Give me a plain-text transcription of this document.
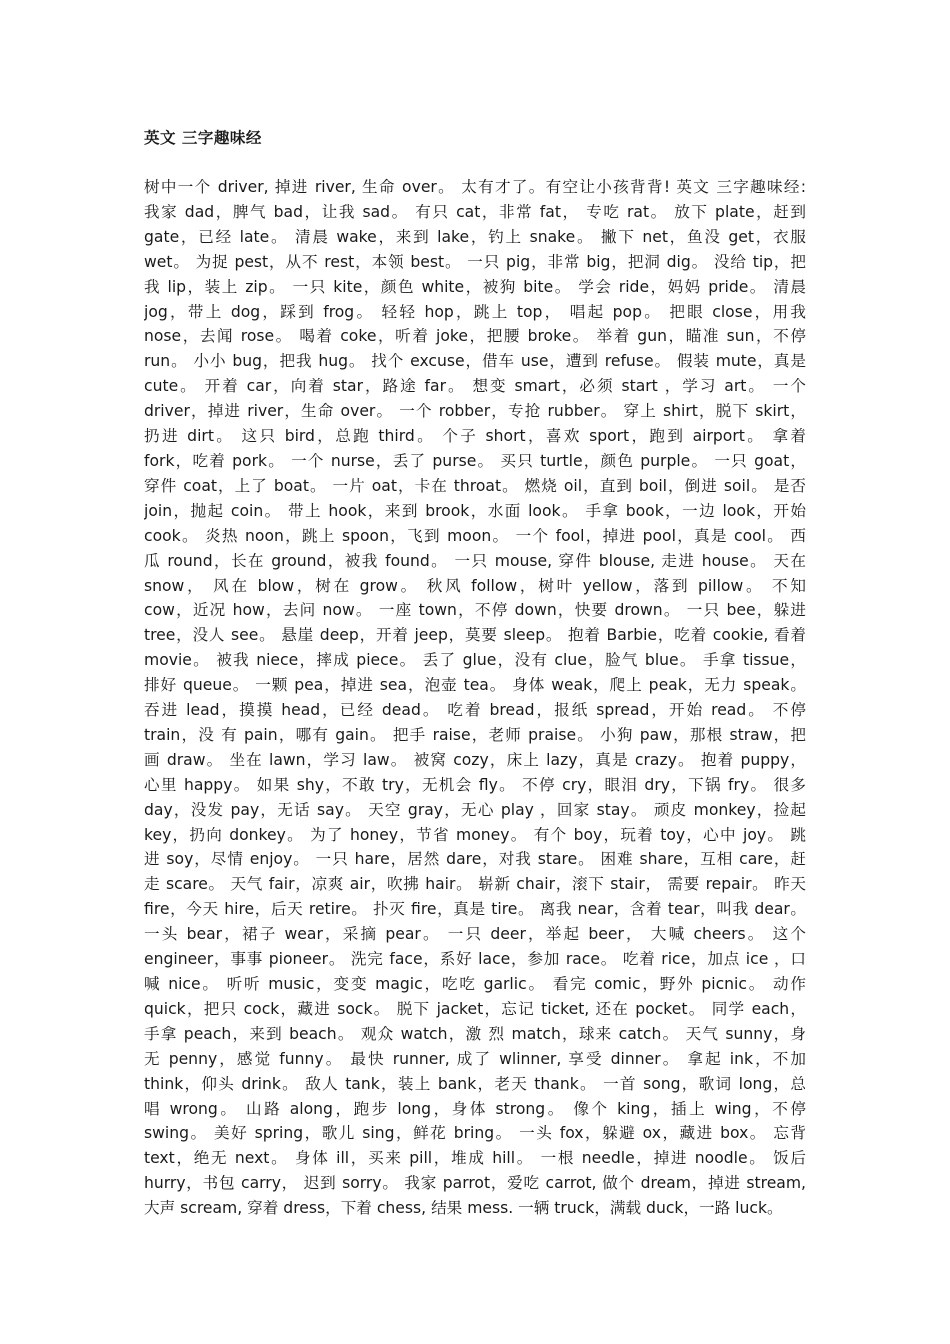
英文 三字趣味经
树中一个 driver, 掉进 river, 生命 over。 太有才了。有空让小孩背背! 英文 三字趣味经:
我家 dad，脾气 bad，让我 sad。 有只 cat，非常 fat， 专吃 rat。 放下 plate，赶到
gate，已经 late。 清晨 wake，来到 lake，钓上 snake。 撇下 net，鱼没 get，衣服
wet。 为捉 pest，从不 rest，本领 best。 一只 pig，非常 big，把洞 dig。 没给 tip，把
我 lip，装上 zip。 一只 kite，颜色 white，被狗 bite。 学会 ride，妈妈 pride。 清晨
jog，带上 dog，踩到 frog。 轻轻 hop，跳上 top， 唱起 pop。 把眼 close，用我
nose，去闻 rose。 喝着 coke，听着 joke，把腰 broke。 举着 gun，瞄准 sun，不停
run。 小小 bug，把我 hug。 找个 excuse，借车 use，遭到 refuse。 假装 mute，真是
cute。 开着 car，向着 star，路途 far。 想变 smart，必须 start ，学习 art。 一个
driver，掉进 river，生命 over。 一个 robber，专抢 rubber。 穿上 shirt，脱下 skirt，
扔进 dirt。 这只 bird，总跑 third。 个子 short，喜欢 sport，跑到 airport。 拿着
fork，吃着 pork。 一个 nurse，丢了 purse。 买只 turtle，颜色 purple。 一只 goat，
穿件 coat，上了 boat。 一片 oat，卡在 throat。 燃烧 oil，直到 boil，倒进 soil。 是否
join，抛起 coin。 带上 hook，来到 brook，水面 look。 手拿 book，一边 look，开始
cook。 炎热 noon，跳上 spoon，飞到 moon。 一个 fool，掉进 pool，真是 cool。 西
瓜 round，长在 ground，被我 found。 一只 mouse, 穿件 blouse, 走进 house。 天在
snow， 风在 blow，树在 grow。 秋风 follow，树叶 yellow，落到 pillow。 不知
cow，近况 how，去问 now。 一座 town，不停 down，快要 drown。 一只 bee，躲进
tree，没人 see。 悬崖 deep，开着 jeep，莫要 sleep。 抱着 Barbie，吃着 cookie, 看着
movie。 被我 niece，摔成 piece。 丢了 glue，没有 clue，脸气 blue。 手拿 tissue，
排好 queue。 一颗 pea，掉进 sea，泡壶 tea。 身体 weak，爬上 peak，无力 speak。
吞进 lead，摸摸 head，已经 dead。 吃着 bread，报纸 spread，开始 read。 不停
train，没 有 pain，哪有 gain。 把手 raise，老师 praise。 小狗 paw，那根 straw，把
画 draw。 坐在 lawn，学习 law。 被窝 cozy，床上 lazy，真是 crazy。 抱着 puppy，
心里 happy。 如果 shy，不敢 try，无机会 fly。 不停 cry，眼泪 dry，下锅 fry。 很多
day，没发 pay，无话 say。 天空 gray，无心 play ，回家 stay。 顽皮 monkey，捡起
key，扔向 donkey。 为了 honey，节省 money。 有个 boy，玩着 toy，心中 joy。 跳
进 soy，尽情 enjoy。 一只 hare，居然 dare，对我 stare。 困难 share，互相 care，赶
走 scare。 天气 fair，凉爽 air，吹拂 hair。 崭新 chair，滚下 stair， 需要 repair。 昨天
fire，今天 hire，后天 retire。 扑灭 fire，真是 tire。 离我 near，含着 tear，叫我 dear。
一头 bear，裙子 wear，采摘 pear。 一只 deer，举起 beer， 大喊 cheers。 这个
engineer，事事 pioneer。 洗完 face，系好 lace，参加 race。 吃着 rice，加点 ice ，口
喊 nice。 听听 music，变变 magic，吃吃 garlic。 看完 comic，野外 picnic。 动作
quick，把只 cock，藏进 sock。 脱下 jacket，忘记 ticket, 还在 pocket。 同学 each，
手拿 peach，来到 beach。 观众 watch，激 烈 match，球来 catch。 天气 sunny，身
无 penny，感觉 funny。 最快 runner, 成了 wlinner, 享受 dinner。 拿起 ink，不加
think，仰头 drink。 敌人 tank，装上 bank，老天 thank。 一首 song，歌词 long，总
唱 wrong。 山路 along，跑步 long，身体 strong。 像个 king，插上 wing，不停
swing。 美好 spring，歌儿 sing，鲜花 bring。 一头 fox，躲避 ox，藏进 box。 忘背
text，绝无 next。 身体 ill，买来 pill，堆成 hill。 一根 needle，掉进 noodle。 饭后
hurry，书包 carry， 迟到 sorry。 我家 parrot，爱吃 carrot, 做个 dream，掉进 stream,
大声 scream, 穿着 dress，下着 chess, 结果 mess. 一辆 truck，满载 duck，一路 luck。
